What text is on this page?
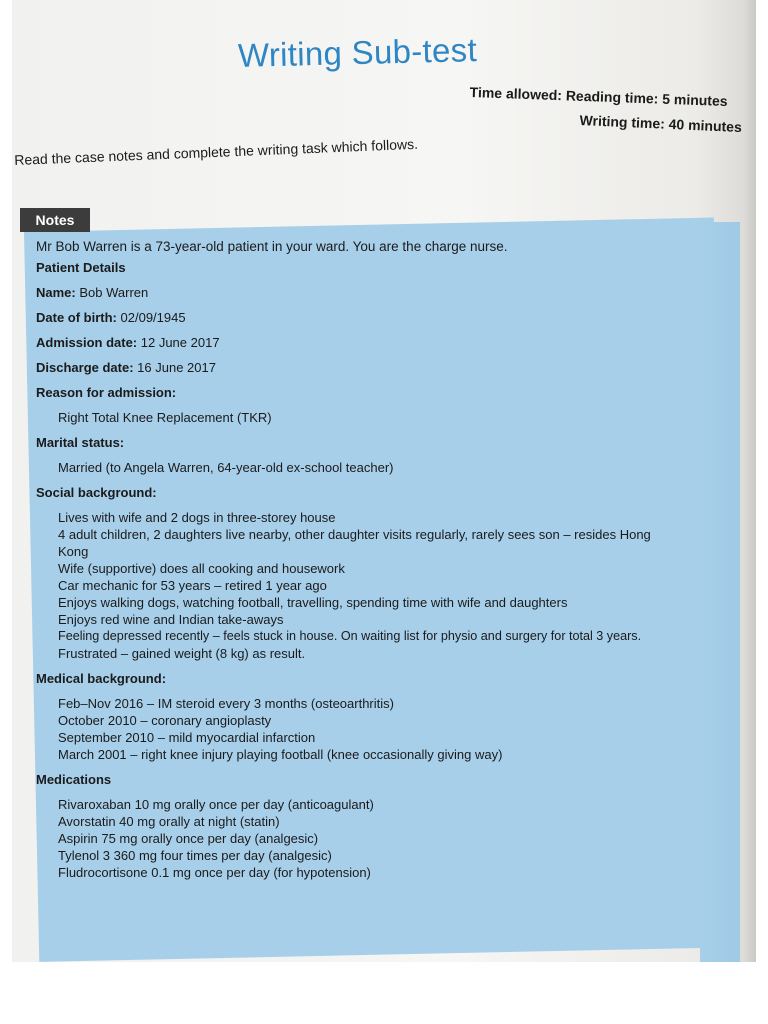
Writing Sub-test
Time allowed: Reading time: 5 minutes
Writing time: 40 minutes
Read the case notes and complete the writing task which follows.
Notes
Mr Bob Warren is a 73-year-old patient in your ward. You are the charge nurse.
Patient Details
Name: Bob Warren
Date of birth: 02/09/1945
Admission date: 12 June 2017
Discharge date: 16 June 2017
Reason for admission:
Right Total Knee Replacement (TKR)
Marital status:
Married (to Angela Warren, 64-year-old ex-school teacher)
Social background:
Lives with wife and 2 dogs in three-storey house
4 adult children, 2 daughters live nearby, other daughter visits regularly, rarely sees son – resides Hong
Kong
Wife (supportive) does all cooking and housework
Car mechanic for 53 years – retired 1 year ago
Enjoys walking dogs, watching football, travelling, spending time with wife and daughters
Enjoys red wine and Indian take-aways
Feeling depressed recently – feels stuck in house. On waiting list for physio and surgery for total 3 years.
Frustrated – gained weight (8 kg) as result.
Medical background:
Feb–Nov 2016 – IM steroid every 3 months (osteoarthritis)
October 2010 – coronary angioplasty
September 2010 – mild myocardial infarction
March 2001 – right knee injury playing football (knee occasionally giving way)
Medications
Rivaroxaban 10 mg orally once per day (anticoagulant)
Avorstatin 40 mg orally at night (statin)
Aspirin 75 mg orally once per day (analgesic)
Tylenol 3 360 mg four times per day (analgesic)
Fludrocortisone 0.1 mg once per day (for hypotension)
